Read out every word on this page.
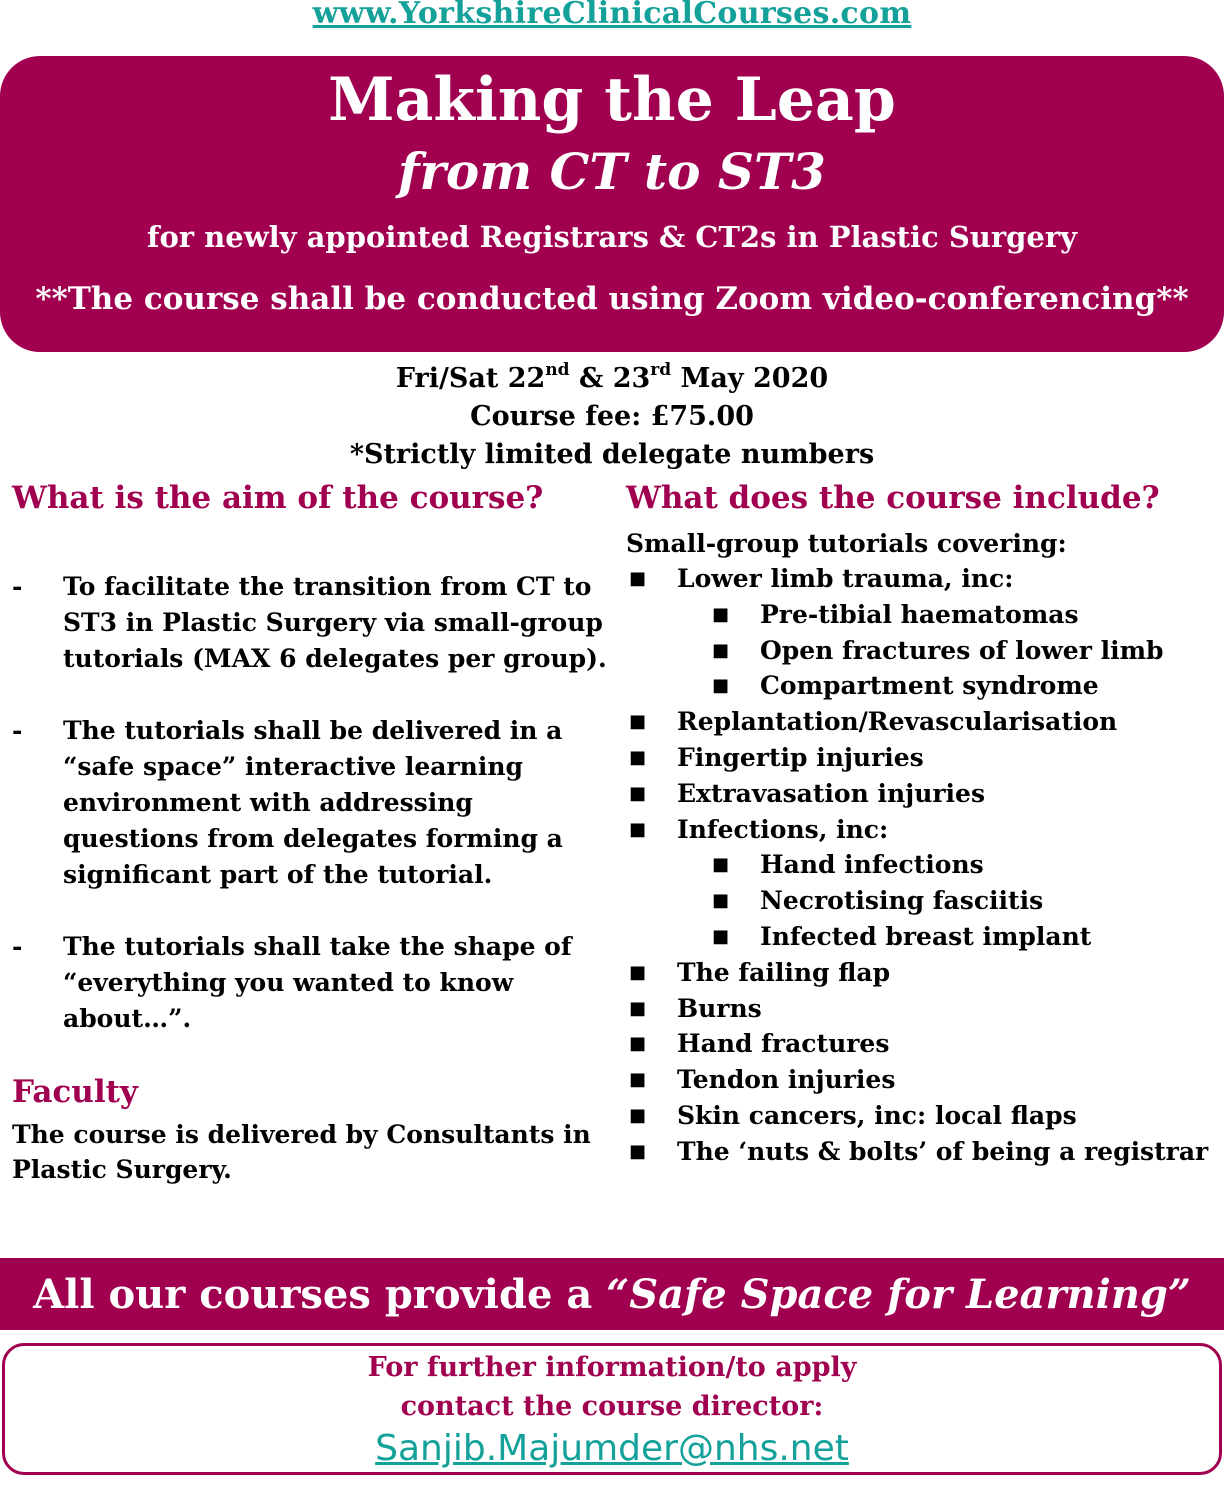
www.YorkshireClinicalCourses.com
Making the Leap
from CT to ST3
for newly appointed Registrars & CT2s in Plastic Surgery
**The course shall be conducted using Zoom video-conferencing**
Fri/Sat 22nd & 23rd May 2020
Course fee: £75.00
*Strictly limited delegate numbers
What is the aim of the course?
- To facilitate the transition from CT to ST3 in Plastic Surgery via small-group tutorials (MAX 6 delegates per group).
- The tutorials shall be delivered in a “safe space” interactive learning environment with addressing questions from delegates forming a significant part of the tutorial.
- The tutorials shall take the shape of “everything you wanted to know about…”.
Faculty
The course is delivered by Consultants in Plastic Surgery.
What does the course include?
Small-group tutorials covering:
■ Lower limb trauma, inc:
■ Pre-tibial haematomas
■ Open fractures of lower limb
■ Compartment syndrome
■ Replantation/Revascularisation
■ Fingertip injuries
■ Extravasation injuries
■ Infections, inc:
■ Hand infections
■ Necrotising fasciitis
■ Infected breast implant
■ The failing flap
■ Burns
■ Hand fractures
■ Tendon injuries
■ Skin cancers, inc: local flaps
■ The ‘nuts & bolts’ of being a registrar
All our courses provide a “Safe Space for Learning”
For further information/to apply
contact the course director:
Sanjib.Majumder@nhs.net
